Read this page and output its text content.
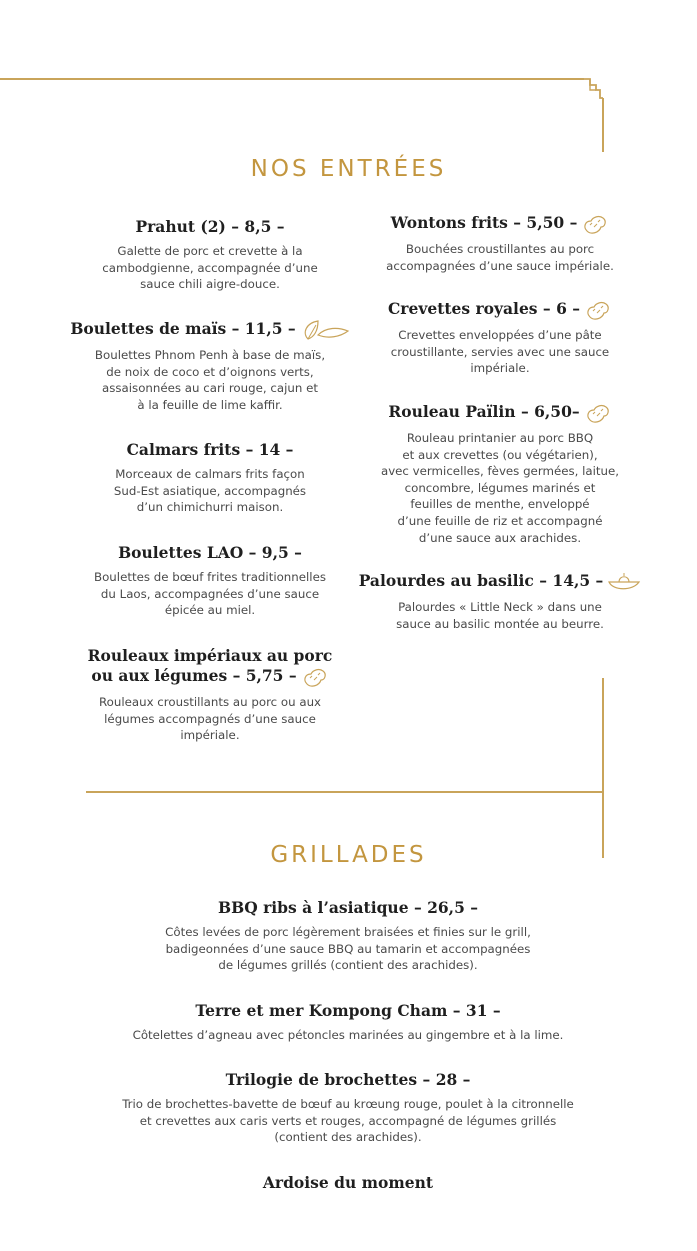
NOS ENTRÉES

Prahut (2) – 8,5 –

Galette de porc et crevette à la
cambodgienne, accompagnée d’une
sauce chili aigre-douce.

Boulettes de maïs – 11,5 –

Boulettes Phnom Penh à base de maïs,
de noix de coco et d’oignons verts,
assaisonnées au cari rouge, cajun et
à la feuille de lime kaffir.

Calmars frits – 14 –

Morceaux de calmars frits façon
Sud-Est asiatique, accompagnés
d’un chimichurri maison.

Boulettes LAO – 9,5 –

Boulettes de bœuf frites traditionnelles
du Laos, accompagnées d’une sauce
épicée au miel.

Rouleaux impériaux au porc

ou aux légumes – 5,75 –

Rouleaux croustillants au porc ou aux
légumes accompagnés d’une sauce
impériale.

Wontons frits – 5,50 –

Bouchées croustillantes au porc
accompagnées d’une sauce impériale.

Crevettes royales – 6 –

Crevettes enveloppées d’une pâte
croustillante, servies avec une sauce
impériale.

Rouleau Païlin – 6,50–

Rouleau printanier au porc BBQ
et aux crevettes (ou végétarien),
avec vermicelles, fèves germées, laitue,
concombre, légumes marinés et
feuilles de menthe, enveloppé
d’une feuille de riz et accompagné
d’une sauce aux arachides.

Palourdes au basilic – 14,5 –

Palourdes « Little Neck » dans une
sauce au basilic montée au beurre.

GRILLADES

BBQ ribs à l’asiatique – 26,5 –

Côtes levées de porc légèrement braisées et finies sur le grill,
badigeonnées d’une sauce BBQ au tamarin et accompagnées
de légumes grillés (contient des arachides).

Terre et mer Kompong Cham – 31 –

Côtelettes d’agneau avec pétoncles marinées au gingembre et à la lime.

Trilogie de brochettes – 28 –

Trio de brochettes-bavette de bœuf au krœung rouge, poulet à la citronnelle
et crevettes aux caris verts et rouges, accompagné de légumes grillés
(contient des arachides).

Ardoise du moment
